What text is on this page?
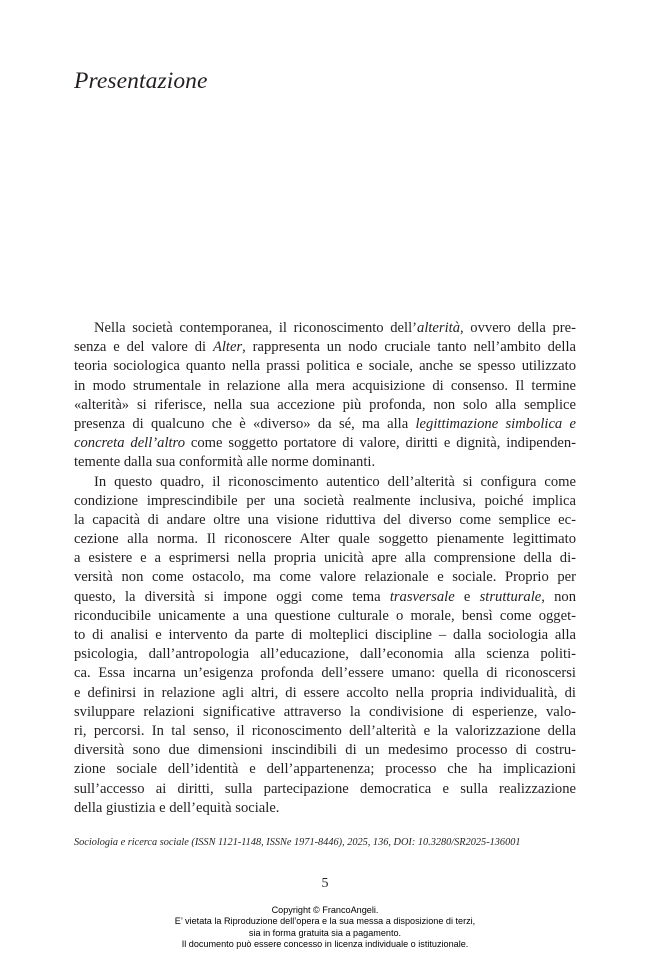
Presentazione

Nella società contemporanea, il riconoscimento dell’alterità, ovvero della pre-
senza e del valore di Alter, rappresenta un nodo cruciale tanto nell’ambito della
teoria sociologica quanto nella prassi politica e sociale, anche se spesso utilizzato
in modo strumentale in relazione alla mera acquisizione di consenso. Il termine
«alterità» si riferisce, nella sua accezione più profonda, non solo alla semplice
presenza di qualcuno che è «diverso» da sé, ma alla legittimazione simbolica e
concreta dell’altro come soggetto portatore di valore, diritti e dignità, indipenden-
temente dalla sua conformità alle norme dominanti.

In questo quadro, il riconoscimento autentico dell’alterità si configura come
condizione imprescindibile per una società realmente inclusiva, poiché implica
la capacità di andare oltre una visione riduttiva del diverso come semplice ec-
cezione alla norma. Il riconoscere Alter quale soggetto pienamente legittimato
a esistere e a esprimersi nella propria unicità apre alla comprensione della di-
versità non come ostacolo, ma come valore relazionale e sociale. Proprio per
questo, la diversità si impone oggi come tema trasversale e strutturale, non
riconducibile unicamente a una questione culturale o morale, bensì come ogget-
to di analisi e intervento da parte di molteplici discipline – dalla sociologia alla
psicologia, dall’antropologia all’educazione, dall’economia alla scienza politi-
ca. Essa incarna un’esigenza profonda dell’essere umano: quella di riconoscersi
e definirsi in relazione agli altri, di essere accolto nella propria individualità, di
sviluppare relazioni significative attraverso la condivisione di esperienze, valo-
ri, percorsi. In tal senso, il riconoscimento dell’alterità e la valorizzazione della
diversità sono due dimensioni inscindibili di un medesimo processo di costru-
zione sociale dell’identità e dell’appartenenza; processo che ha implicazioni
sull’accesso ai diritti, sulla partecipazione democratica e sulla realizzazione
della giustizia e dell’equità sociale.

Sociologia e ricerca sociale (ISSN 1121-1148, ISSNe 1971-8446), 2025, 136, DOI: 10.3280/SR2025-136001

5
Copyright © FrancoAngeli.
E’ vietata la Riproduzione dell’opera e la sua messa a disposizione di terzi,
sia in forma gratuita sia a pagamento.
Il documento può essere concesso in licenza individuale o istituzionale.
